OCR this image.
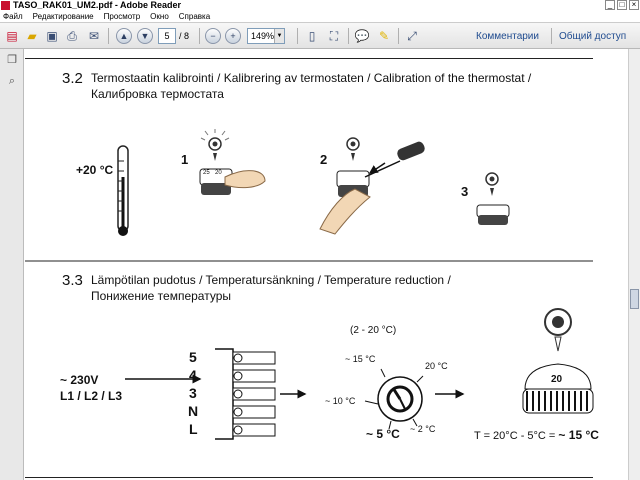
TASO_RAK01_UM2.pdf - Adobe Reader	_ □ ×
Файл Редактирование Просмотр Окно Справка
▤ ▰ ▣ ⎙ ✉	▲	▼	5	/ 8	−	+	149% ▼	▯	⛶	💬 ✎ ⤢	Комментарии Общий доступ
❐
⌕	3.2 Termostaatin kalibrointi / Kalibrering av termostaten / Calibration of the thermostat /
Калибровка термостата
+20 °C
1
25 20
2
3
3.3 Lämpötilan pudotus / Temperatursänkning / Temperature reduction /
Понижение температуры
~ 230V
L1 / L2 / L3
5
4
3
N
L
(2 - 20 °C)
~ 15 °C
20 °C
~ 10 °C
~ 2 °C
~ 5 °C
20
T = 20°C - 5°C = ~ 15 °C
